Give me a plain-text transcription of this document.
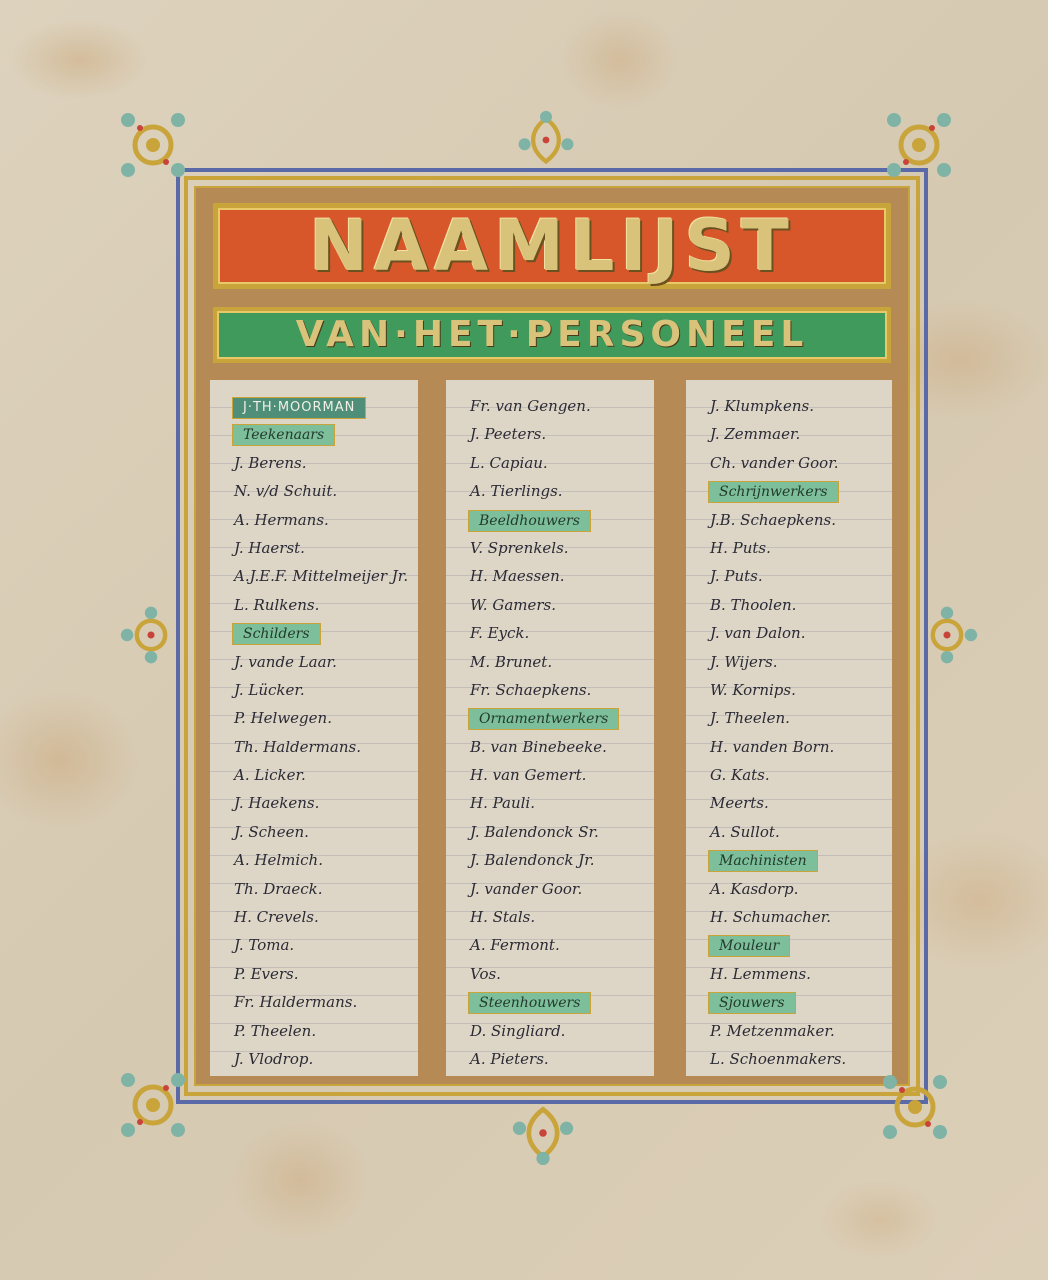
NAAMLIJST
VAN·HET·PERSONEEL
J·TH·MOORMAN
Teekenaars
J. Berens.
N. v/d Schuit.
A. Hermans.
J. Haerst.
A.J.E.F. Mittelmeijer Jr.
L. Rulkens.
Schilders
J. vande Laar.
J. Lücker.
P. Helwegen.
Th. Haldermans.
A. Licker.
J. Haekens.
J. Scheen.
A. Helmich.
Th. Draeck.
H. Crevels.
J. Toma.
P. Evers.
Fr. Haldermans.
P. Theelen.
J. Vlodrop.
Fr. van Gengen.
J. Peeters.
L. Capiau.
A. Tierlings.
Beeldhouwers
V. Sprenkels.
H. Maessen.
W. Gamers.
F. Eyck.
M. Brunet.
Fr. Schaepkens.
Ornamentwerkers
B. van Binebeeke.
H. van Gemert.
H. Pauli.
J. Balendonck Sr.
J. Balendonck Jr.
J. vander Goor.
H. Stals.
A. Fermont.
Vos.
Steenhouwers
D. Singliard.
A. Pieters.
J. Klumpkens.
J. Zemmaer.
Ch. vander Goor.
Schrijnwerkers
J.B. Schaepkens.
H. Puts.
J. Puts.
B. Thoolen.
J. van Dalon.
J. Wijers.
W. Kornips.
J. Theelen.
H. vanden Born.
G. Kats.
Meerts.
A. Sullot.
Machinisten
A. Kasdorp.
H. Schumacher.
Mouleur
H. Lemmens.
Sjouwers
P. Metzenmaker.
L. Schoenmakers.
